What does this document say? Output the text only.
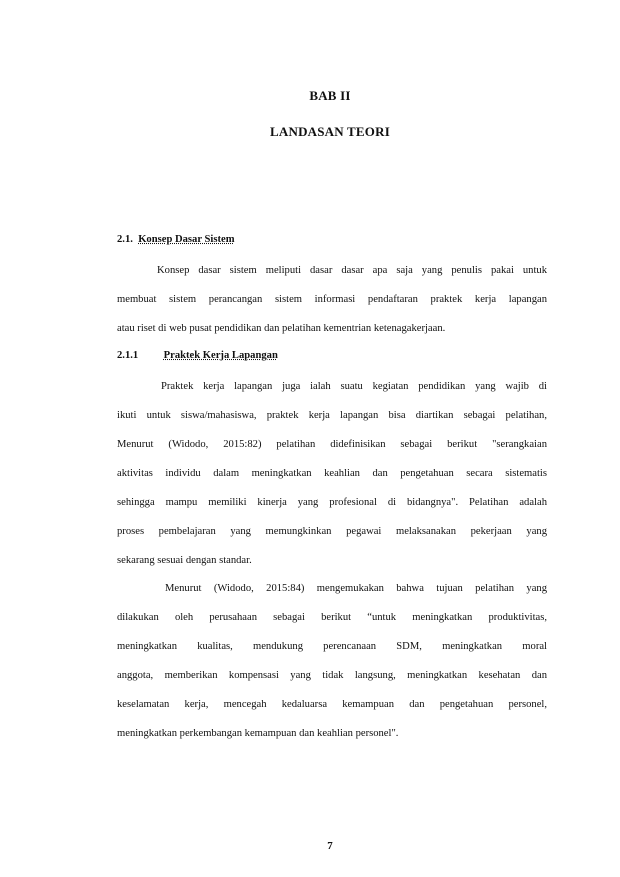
BAB II
LANDASAN TEORI
2.1. Konsep Dasar Sistem
Konsep dasar sistem meliputi dasar dasar apa saja yang penulis pakai untuk
membuat sistem perancangan sistem informasi pendaftaran praktek kerja lapangan
atau riset di web pusat pendidikan dan pelatihan kementrian ketenagakerjaan.
2.1.1 Praktek Kerja Lapangan
Praktek kerja lapangan juga ialah suatu kegiatan pendidikan yang wajib di
ikuti untuk siswa/mahasiswa, praktek kerja lapangan bisa diartikan sebagai pelatihan,
Menurut (Widodo, 2015:82) pelatihan didefinisikan sebagai berikut "serangkaian
aktivitas individu dalam meningkatkan keahlian dan pengetahuan secara sistematis
sehingga mampu memiliki kinerja yang profesional di bidangnya". Pelatihan adalah
proses pembelajaran yang memungkinkan pegawai melaksanakan pekerjaan yang
sekarang sesuai dengan standar.
Menurut (Widodo, 2015:84) mengemukakan bahwa tujuan pelatihan yang
dilakukan oleh perusahaan sebagai berikut “untuk meningkatkan produktivitas,
meningkatkan kualitas, mendukung perencanaan SDM, meningkatkan moral
anggota, memberikan kompensasi yang tidak langsung, meningkatkan kesehatan dan
keselamatan kerja, mencegah kedaluarsa kemampuan dan pengetahuan personel,
meningkatkan perkembangan kemampuan dan keahlian personel".
7
